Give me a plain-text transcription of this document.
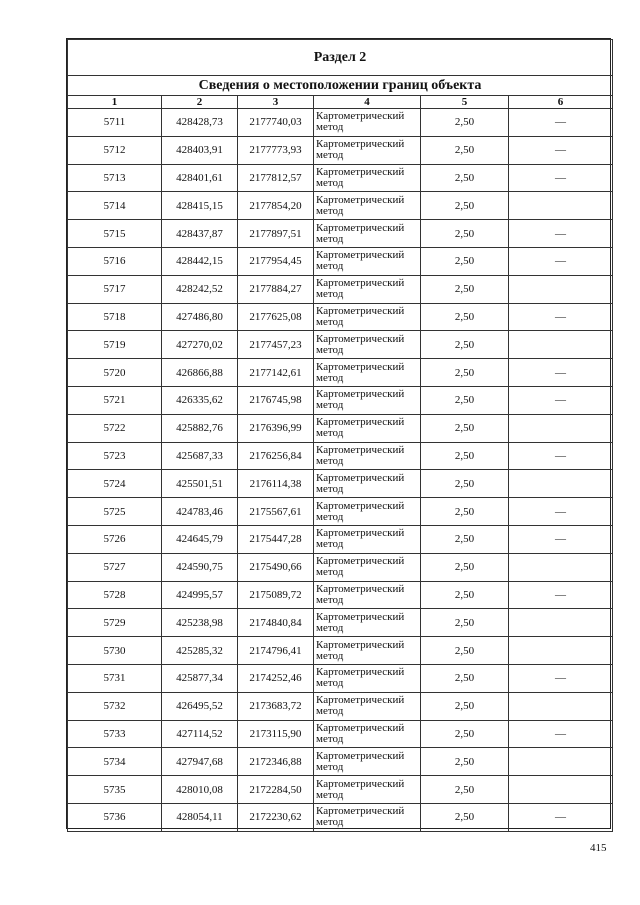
Раздел 2					
Сведения о местоположении границ объекта					
1	2	3	4	5	6
5711	428428,73	2177740,03	Картометрический метод	2,50	—
5712	428403,91	2177773,93	Картометрический метод	2,50	—
5713	428401,61	2177812,57	Картометрический метод	2,50	—
5714	428415,15	2177854,20	Картометрический метод	2,50	
5715	428437,87	2177897,51	Картометрический метод	2,50	—
5716	428442,15	2177954,45	Картометрический метод	2,50	—
5717	428242,52	2177884,27	Картометрический метод	2,50	
5718	427486,80	2177625,08	Картометрический метод	2,50	—
5719	427270,02	2177457,23	Картометрический метод	2,50	
5720	426866,88	2177142,61	Картометрический метод	2,50	—
5721	426335,62	2176745,98	Картометрический метод	2,50	—
5722	425882,76	2176396,99	Картометрический метод	2,50	
5723	425687,33	2176256,84	Картометрический метод	2,50	—
5724	425501,51	2176114,38	Картометрический метод	2,50	
5725	424783,46	2175567,61	Картометрический метод	2,50	—
5726	424645,79	2175447,28	Картометрический метод	2,50	—
5727	424590,75	2175490,66	Картометрический метод	2,50	
5728	424995,57	2175089,72	Картометрический метод	2,50	—
5729	425238,98	2174840,84	Картометрический метод	2,50	
5730	425285,32	2174796,41	Картометрический метод	2,50	
5731	425877,34	2174252,46	Картометрический метод	2,50	—
5732	426495,52	2173683,72	Картометрический метод	2,50	
5733	427114,52	2173115,90	Картометрический метод	2,50	—
5734	427947,68	2172346,88	Картометрический метод	2,50	
5735	428010,08	2172284,50	Картометрический метод	2,50	
5736	428054,11	2172230,62	Картометрический метод	2,50	—
415
